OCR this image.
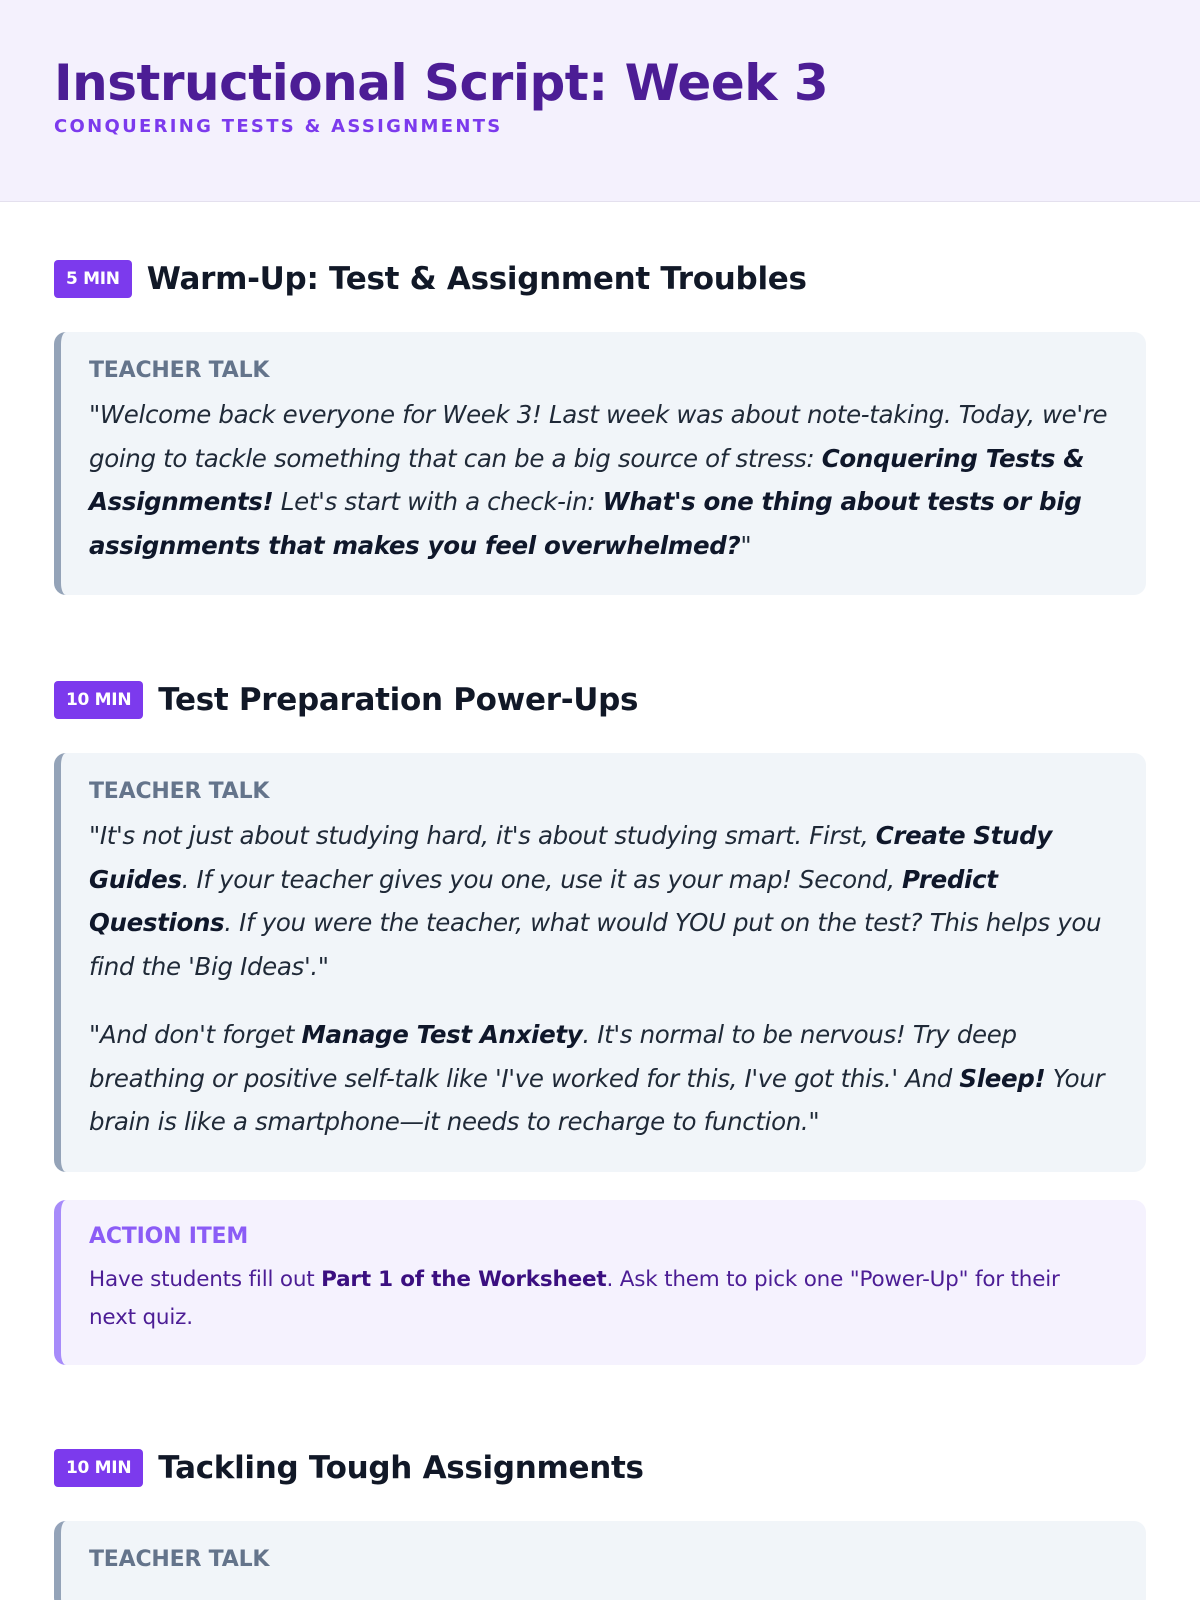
Instructional Script: Week 3
CONQUERING TESTS & ASSIGNMENTS
5 MIN Warm-Up: Test & Assignment Troubles
TEACHER TALK

"Welcome back everyone for Week 3! Last week was about note-taking. Today, we're going to tackle something that can be a big source of stress: Conquering Tests & Assignments! Let's start with a check-in: What's one thing about tests or big assignments that makes you feel overwhelmed?"

10 MIN Test Preparation Power-Ups
TEACHER TALK

"It's not just about studying hard, it's about studying smart. First, Create Study Guides. If your teacher gives you one, use it as your map! Second, Predict Questions. If you were the teacher, what would YOU put on the test? This helps you find the 'Big Ideas'."

"And don't forget Manage Test Anxiety. It's normal to be nervous! Try deep breathing or positive self-talk like 'I've worked for this, I've got this.' And Sleep! Your brain is like a smartphone—it needs to recharge to function."

ACTION ITEM

Have students fill out Part 1 of the Worksheet. Ask them to pick one "Power-Up" for their next quiz.

10 MIN Tackling Tough Assignments
TEACHER TALK
